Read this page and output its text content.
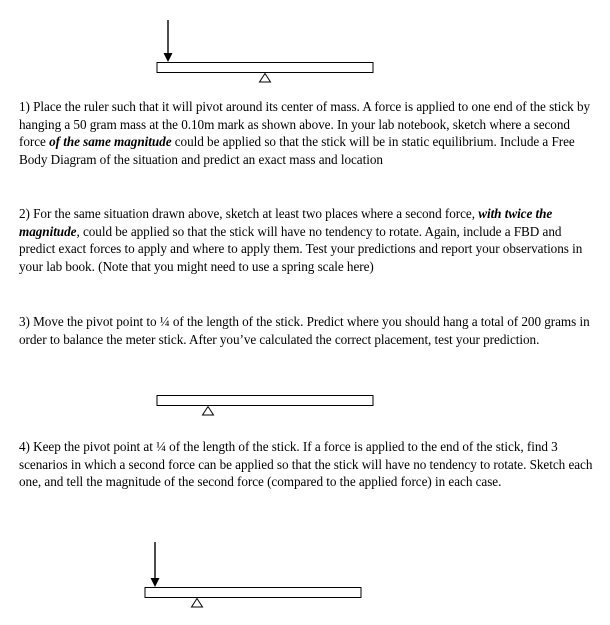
1) Place the ruler such that it will pivot around its center of mass. A force is applied to one end of the stick by hanging a 50 gram mass at the 0.10m mark as shown above. In your lab notebook, sketch where a second force of the same magnitude could be applied so that the stick will be in static equilibrium. Include a Free Body Diagram of the situation and predict an exact mass and location

2) For the same situation drawn above, sketch at least two places where a second force, with twice the magnitude, could be applied so that the stick will have no tendency to rotate. Again, include a FBD and predict exact forces to apply and where to apply them. Test your predictions and report your observations in your lab book. (Note that you might need to use a spring scale here)

3) Move the pivot point to ¼ of the length of the stick. Predict where you should hang a total of 200 grams in order to balance the meter stick. After you’ve calculated the correct placement, test your prediction.

4) Keep the pivot point at ¼ of the length of the stick. If a force is applied to the end of the stick, find 3 scenarios in which a second force can be applied so that the stick will have no tendency to rotate. Sketch each one, and tell the magnitude of the second force (compared to the applied force) in each case.
